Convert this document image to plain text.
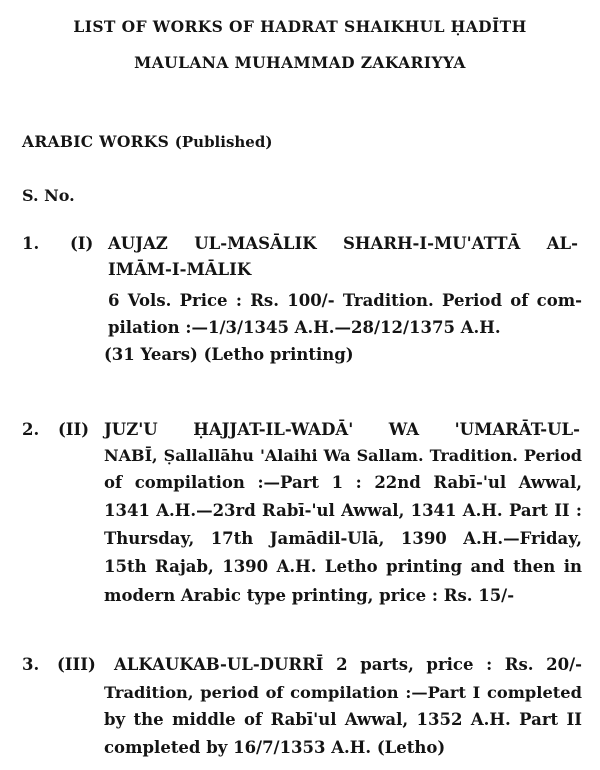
LIST OF WORKS OF HADRAT SHAIKHUL ḤADĪTH
MAULANA MUHAMMAD ZAKARIYYA
ARABIC WORKS (Published)
S. No.
1. (I) AUJAZ UL-MASĀLIK SHARH-I-MU'ATTĀ AL-
IMĀM-I-MĀLIK
6 Vols. Price : Rs. 100/- Tradition. Period of com-
pilation :—1/3/1345 A.H.—28/12/1375 A.H.
(31 Years) (Letho printing)
2. (II) JUZ'U ḤAJJAT-IL-WADĀ' WA 'UMARĀT-UL-
NABĪ, Ṣallallāhu 'Alaihi Wa Sallam. Tradition. Period
of compilation :—Part 1 : 22nd Rabī-'ul Awwal,
1341 A.H.—23rd Rabī-'ul Awwal, 1341 A.H. Part II :
Thursday, 17th Jamādil-Ulā, 1390 A.H.—Friday,
15th Rajab, 1390 A.H. Letho printing and then in
modern Arabic type printing, price : Rs. 15/-
3. (III) ALKAUKAB-UL-DURRĪ 2 parts, price : Rs. 20/-
Tradition, period of compilation :—Part I completed
by the middle of Rabī'ul Awwal, 1352 A.H. Part II
completed by 16/7/1353 A.H. (Letho)
